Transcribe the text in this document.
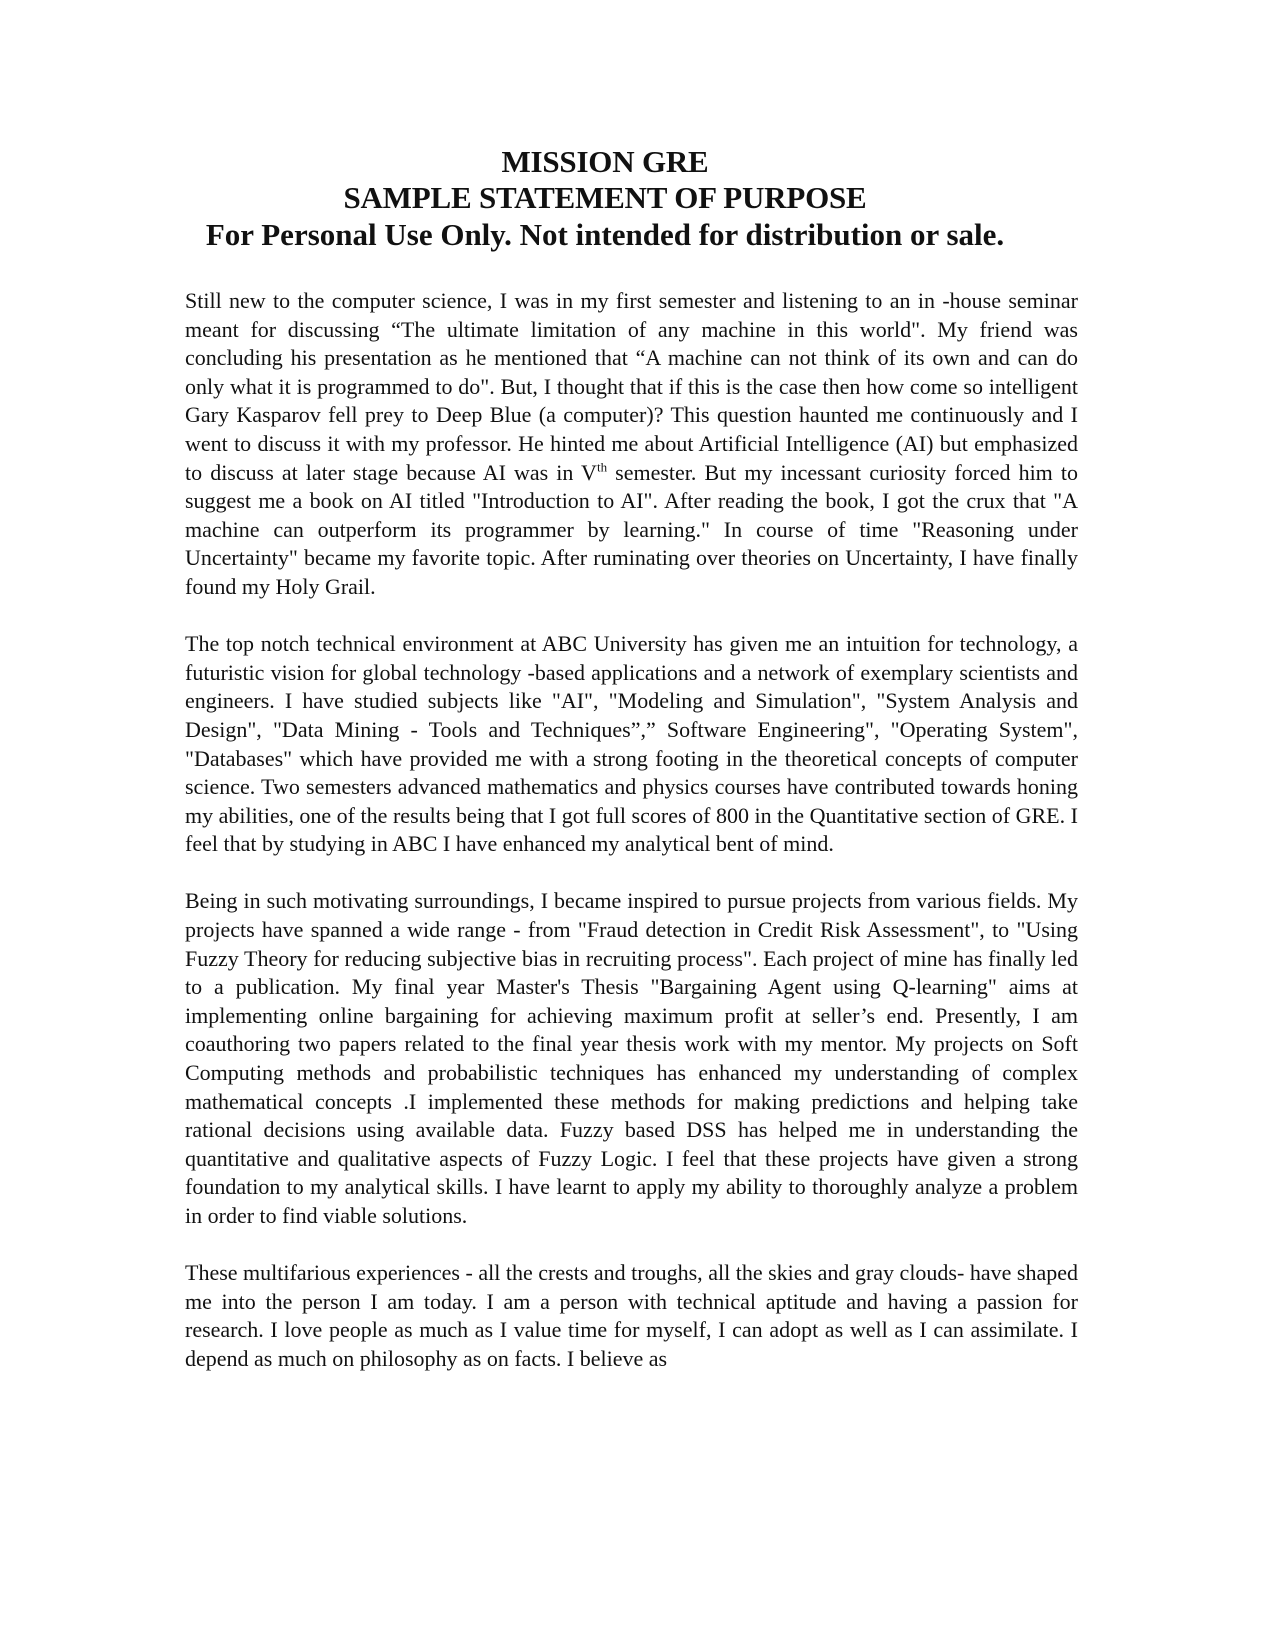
MISSION GRE
SAMPLE STATEMENT OF PURPOSE
For Personal Use Only. Not intended for distribution or sale.

Still new to the computer science, I was in my first semester and listening to an in -house seminar meant for discussing “The ultimate limitation of any machine in this world". My friend was concluding his presentation as he mentioned that “A machine can not think of its own and can do only what it is programmed to do". But, I thought that if this is the case then how come so intelligent Gary Kasparov fell prey to Deep Blue (a computer)? This question haunted me continuously and I went to discuss it with my professor. He hinted me about Artificial Intelligence (AI) but emphasized to discuss at later stage because AI was in Vth semester. But my incessant curiosity forced him to suggest me a book on AI titled "Introduction to AI". After reading the book, I got the crux that "A machine can outperform its programmer by learning." In course of time "Reasoning under Uncertainty" became my favorite topic. After ruminating over theories on Uncertainty, I have finally found my Holy Grail.

The top notch technical environment at ABC University has given me an intuition for technology, a futuristic vision for global technology -based applications and a network of exemplary scientists and engineers. I have studied subjects like "AI", "Modeling and Simulation", "System Analysis and Design", "Data Mining - Tools and Techniques”,” Software Engineering", "Operating System", "Databases" which have provided me with a strong footing in the theoretical concepts of computer science. Two semesters advanced mathematics and physics courses have contributed towards honing my abilities, one of the results being that I got full scores of 800 in the Quantitative section of GRE. I feel that by studying in ABC I have enhanced my analytical bent of mind.

Being in such motivating surroundings, I became inspired to pursue projects from various fields. My projects have spanned a wide range - from "Fraud detection in Credit Risk Assessment", to "Using Fuzzy Theory for reducing subjective bias in recruiting process". Each project of mine has finally led to a publication. My final year Master's Thesis "Bargaining Agent using Q-learning" aims at implementing online bargaining for achieving maximum profit at seller’s end. Presently, I am coauthoring two papers related to the final year thesis work with my mentor. My projects on Soft Computing methods and probabilistic techniques has enhanced my understanding of complex mathematical concepts .I implemented these methods for making predictions and helping take rational decisions using available data. Fuzzy based DSS has helped me in understanding the quantitative and qualitative aspects of Fuzzy Logic. I feel that these projects have given a strong foundation to my analytical skills. I have learnt to apply my ability to thoroughly analyze a problem in order to find viable solutions.

These multifarious experiences - all the crests and troughs, all the skies and gray clouds- have shaped me into the person I am today. I am a person with technical aptitude and having a passion for research. I love people as much as I value time for myself, I can adopt as well as I can assimilate. I depend as much on philosophy as on facts. I believe as
